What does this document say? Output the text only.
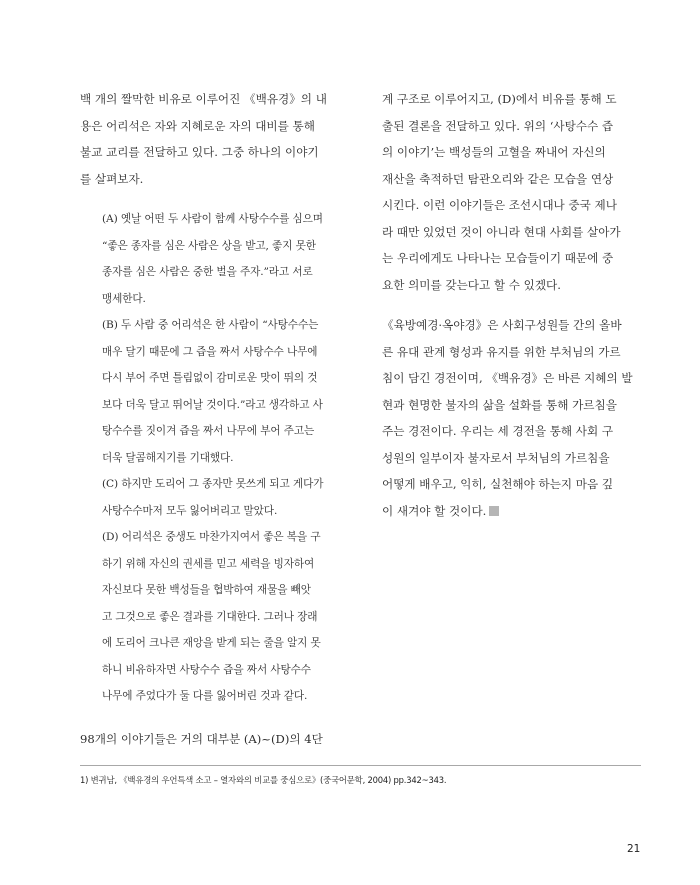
백 개의 짤막한 비유로 이루어진 《백유경》의 내
용은 어리석은 자와 지혜로운 자의 대비를 통해
불교 교리를 전달하고 있다. 그중 하나의 이야기
를 살펴보자.

(A) 옛날 어떤 두 사람이 함께 사탕수수를 심으며
“좋은 종자를 심은 사람은 상을 받고, 좋지 못한
종자를 심은 사람은 중한 벌을 주자.”라고 서로
맹세한다.
(B) 두 사람 중 어리석은 한 사람이 “사탕수수는
매우 달기 때문에 그 즙을 짜서 사탕수수 나무에
다시 부어 주면 틀림없이 감미로운 맛이 뛰의 것
보다 더욱 달고 뛰어날 것이다.”라고 생각하고 사
탕수수를 짓이겨 즙을 짜서 나무에 부어 주고는
더욱 달콤해지기를 기대했다.
(C) 하지만 도리어 그 종자만 못쓰게 되고 게다가
사탕수수마저 모두 잃어버리고 말았다.
(D) 어리석은 중생도 마찬가지여서 좋은 복을 구
하기 위해 자신의 권세를 믿고 세력을 빙자하여
자신보다 못한 백성들을 협박하여 재물을 빼앗
고 그것으로 좋은 결과를 기대한다. 그러나 장래
에 도리어 크나큰 재앙을 받게 되는 줄을 알지 못
하니 비유하자면 사탕수수 즙을 짜서 사탕수수
나무에 주었다가 둘 다를 잃어버린 것과 같다.

98개의 이야기들은 거의 대부분 (A)~(D)의 4단

계 구조로 이루어지고, (D)에서 비유를 통해 도
출된 결론을 전달하고 있다. 위의 ‘사탕수수 즙
의 이야기’는 백성들의 고혈을 짜내어 자신의
재산을 축적하던 탐관오리와 같은 모습을 연상
시킨다. 이런 이야기들은 조선시대나 중국 제나
라 때만 있었던 것이 아니라 현대 사회를 살아가
는 우리에게도 나타나는 모습들이기 때문에 중
요한 의미를 갖는다고 할 수 있겠다.

《육방예경·옥야경》은 사회구성원들 간의 올바
른 유대 관계 형성과 유지를 위한 부처님의 가르
침이 담긴 경전이며, 《백유경》은 바른 지혜의 발
현과 현명한 불자의 삶을 설화를 통해 가르침을
주는 경전이다. 우리는 세 경전을 통해 사회 구
성원의 일부이자 불자로서 부처님의 가르침을
어떻게 배우고, 익히, 실천해야 하는지 마음 깊
이 새겨야 할 것이다.

1) 변귀남, 《백유경의 우언특색 소고 – 열자와의 비교를 중심으로》(중국어문학, 2004) pp.342~343.
21
